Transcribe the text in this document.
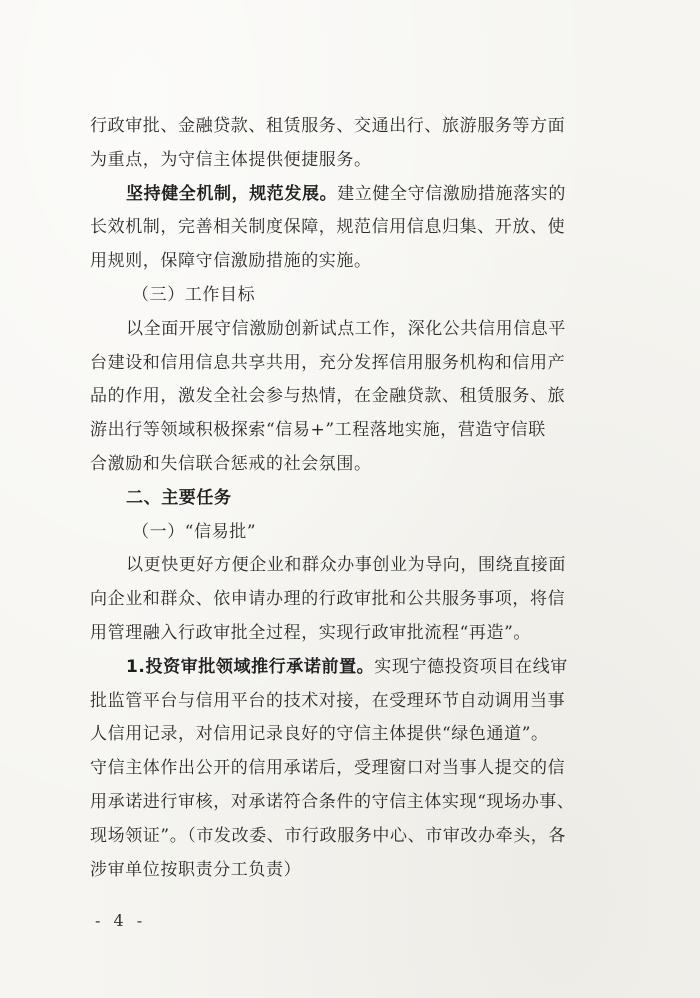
行政审批、金融贷款、租赁服务、交通出行、旅游服务等方面
为重点，为守信主体提供便捷服务。
坚持健全机制，规范发展。建立健全守信激励措施落实的
长效机制，完善相关制度保障，规范信用信息归集、开放、使
用规则，保障守信激励措施的实施。
（三）工作目标
以全面开展守信激励创新试点工作，深化公共信用信息平
台建设和信用信息共享共用，充分发挥信用服务机构和信用产
品的作用，激发全社会参与热情，在金融贷款、租赁服务、旅
游出行等领域积极探索“信易+”工程落地实施，营造守信联
合激励和失信联合惩戒的社会氛围。
二、主要任务
（一）“信易批”
以更快更好方便企业和群众办事创业为导向，围绕直接面
向企业和群众、依申请办理的行政审批和公共服务事项，将信
用管理融入行政审批全过程，实现行政审批流程“再造”。
1.投资审批领域推行承诺前置。实现宁德投资项目在线审
批监管平台与信用平台的技术对接，在受理环节自动调用当事
人信用记录，对信用记录良好的守信主体提供“绿色通道”。
守信主体作出公开的信用承诺后，受理窗口对当事人提交的信
用承诺进行审核，对承诺符合条件的守信主体实现“现场办事、
现场领证”。（市发改委、市行政服务中心、市审改办牵头，各
涉审单位按职责分工负责）
- 4 -
